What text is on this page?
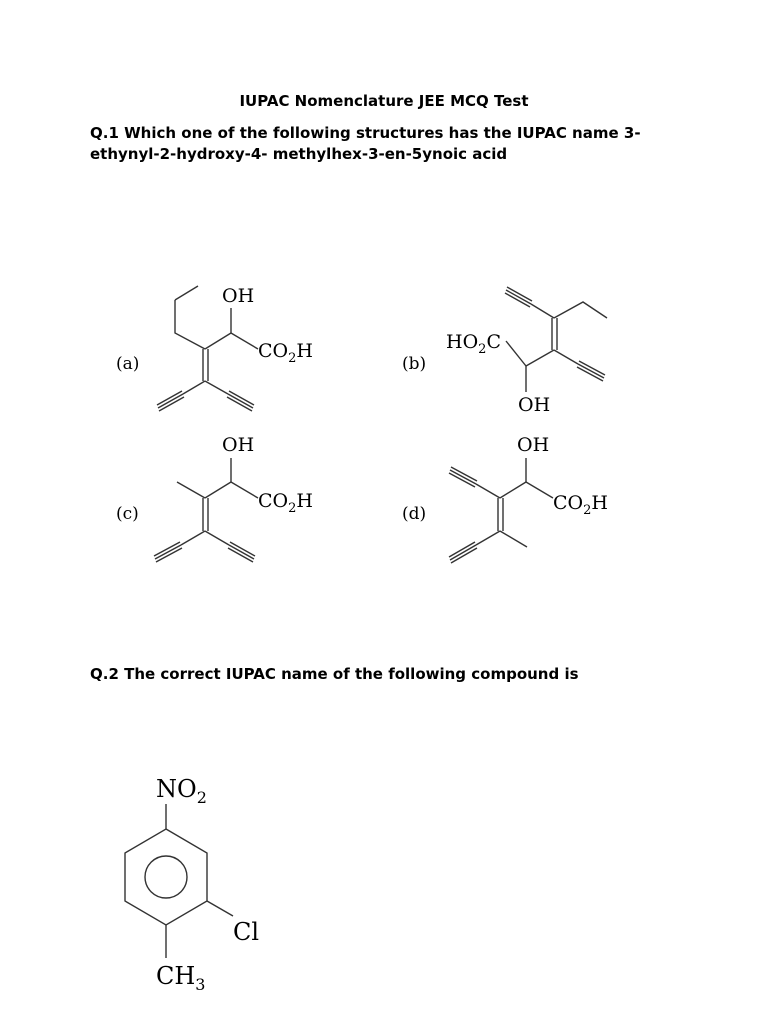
IUPAC Nomenclature JEE MCQ Test
Q.1 Which one of the following structures has the IUPAC name 3-ethynyl-2-hydroxy-4- methylhex-3-en-5ynoic acid
Q.2 The correct IUPAC name of the following compound is
(a)
OH
$CO_2H$
(b)
$HO_2C$
OH
(c)
OH
$CO_2H$
(d)
OH
$CO_2H$
$NO_2$
Cl
$CH_3$
